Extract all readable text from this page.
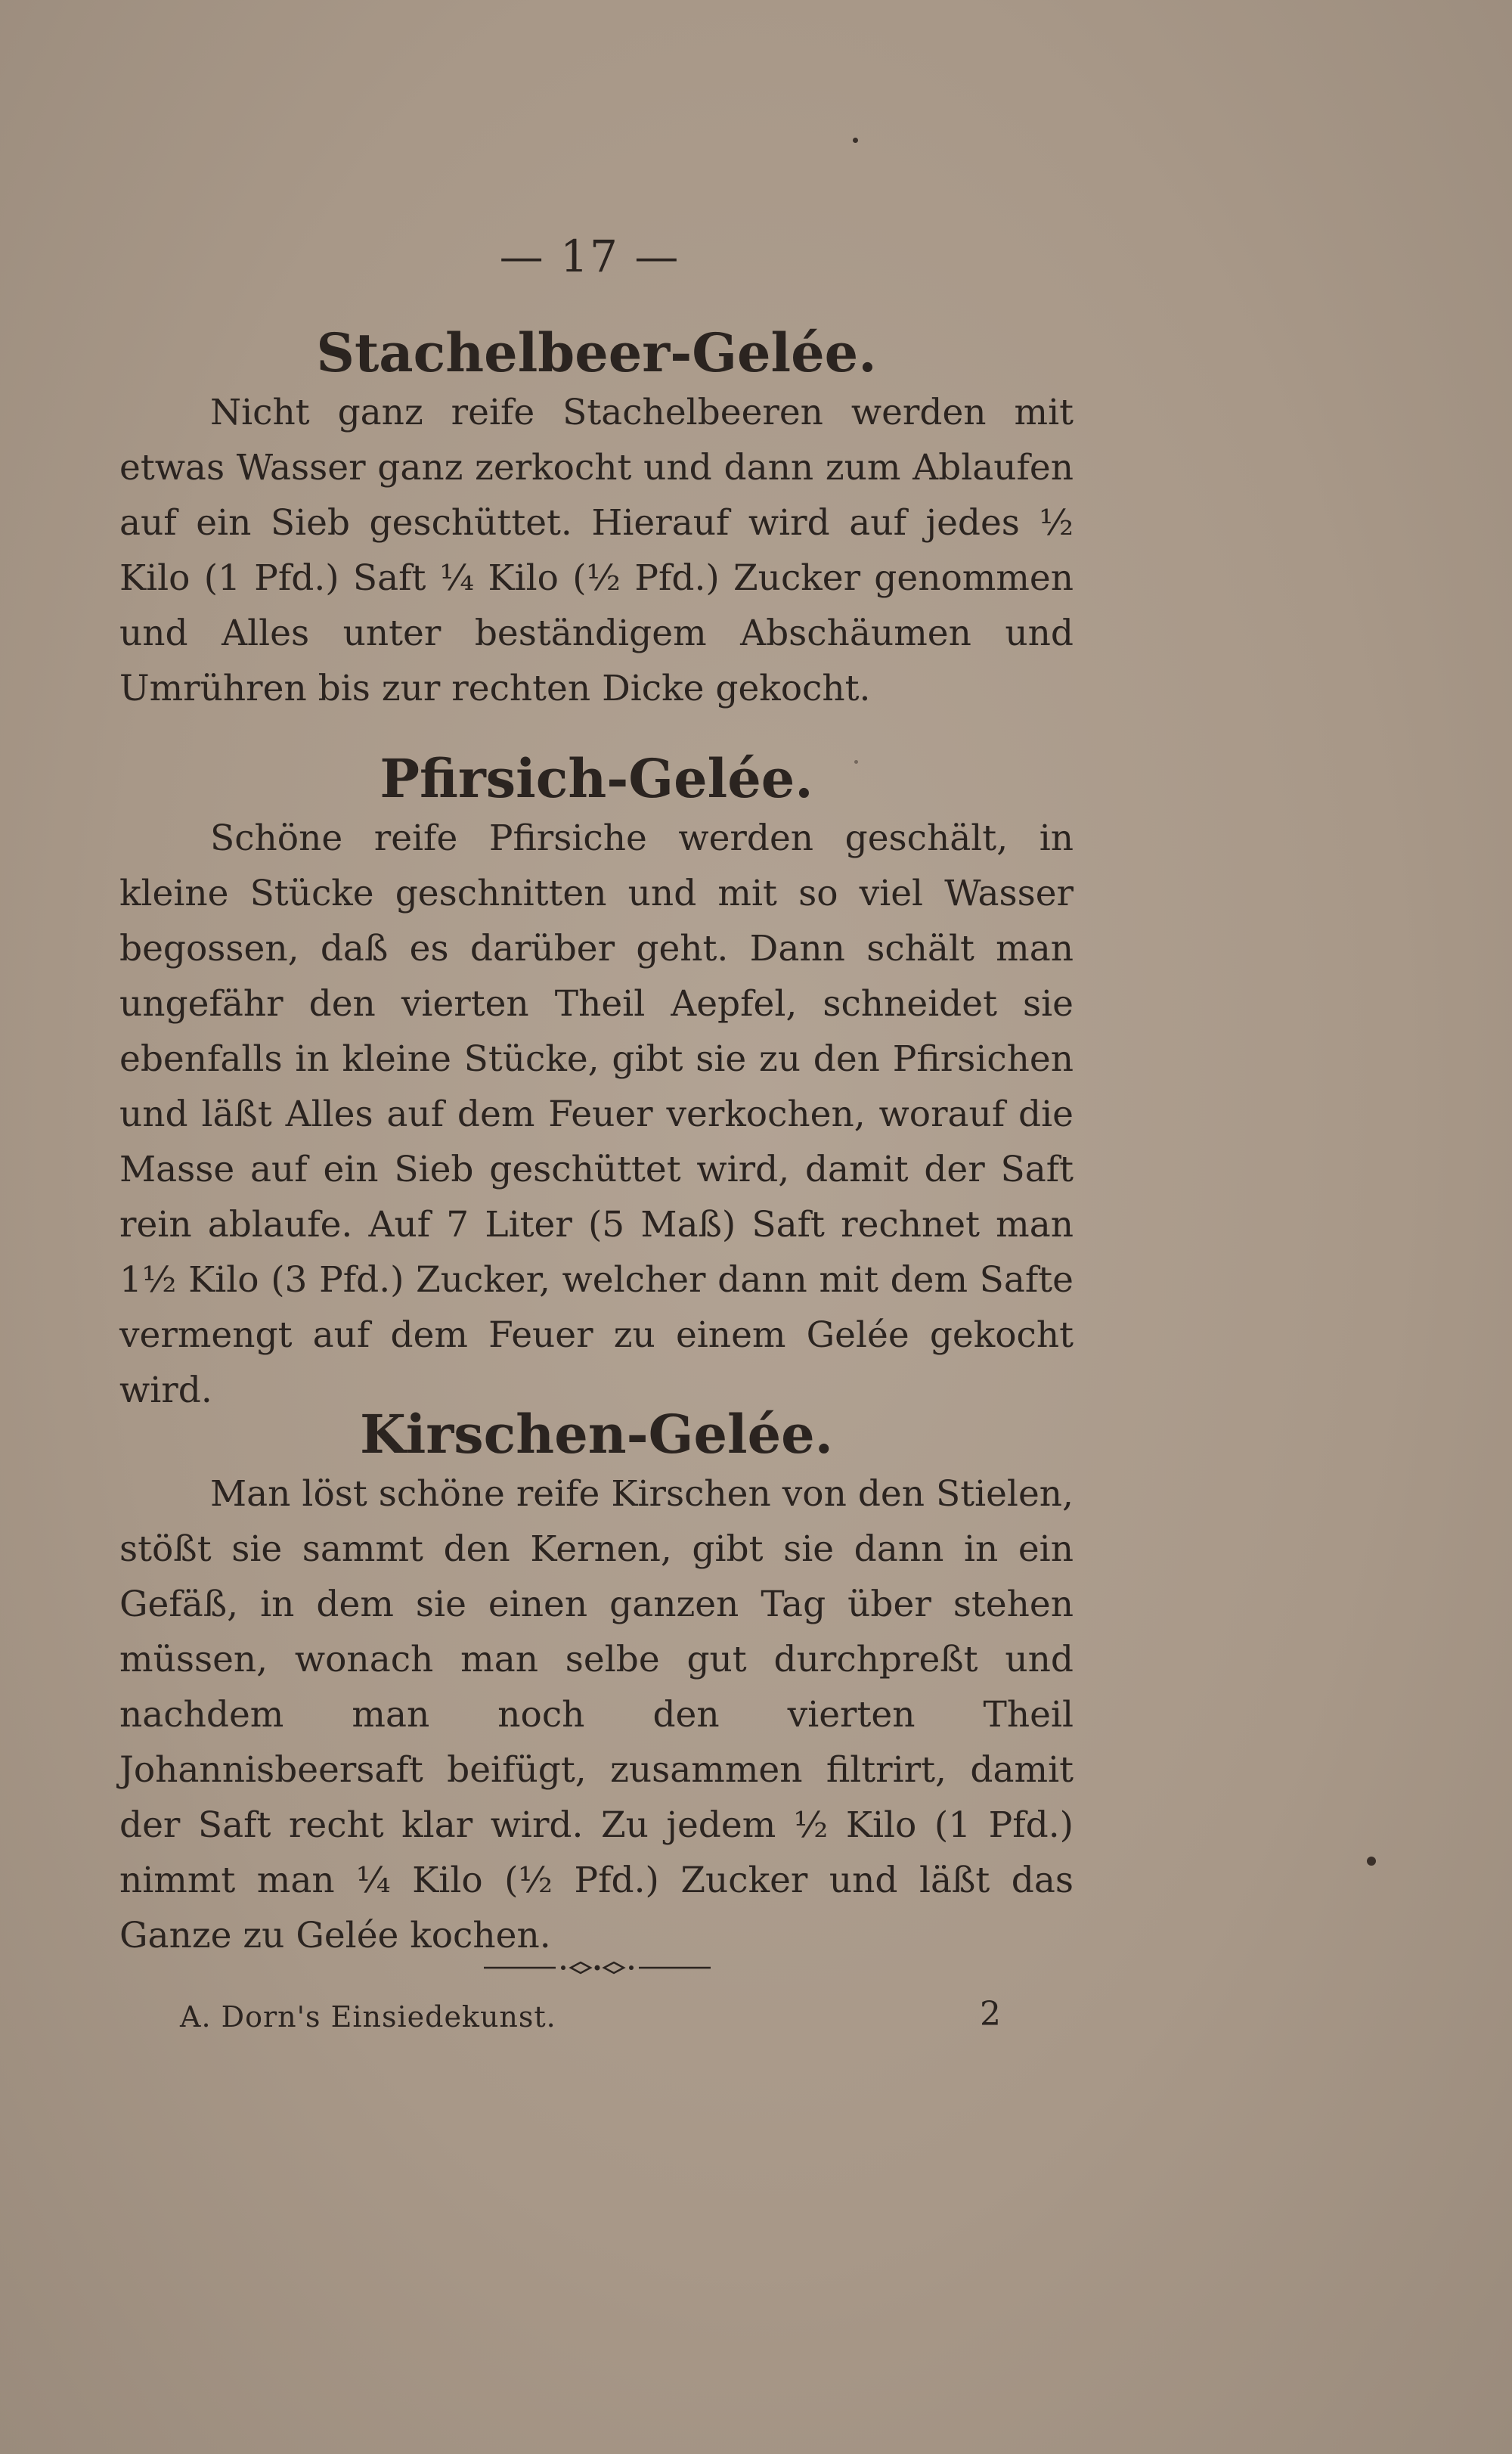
— 17 —
Stachelbeer-Gelée.

Nicht ganz reife Stachelbeeren werden mit etwas Wasser ganz zerkocht und dann zum Ablaufen auf ein Sieb geschüttet. Hierauf wird auf jedes ½ Kilo (1 Pfd.) Saft ¼ Kilo (½ Pfd.) Zucker genommen und Alles unter beständigem Abschäumen und Umrühren bis zur rechten Dicke gekocht.

Pfirsich-Gelée.

Schöne reife Pfirsiche werden geschält, in kleine Stücke geschnitten und mit so viel Wasser begossen, daß es darüber geht. Dann schält man ungefähr den vierten Theil Aepfel, schneidet sie ebenfalls in kleine Stücke, gibt sie zu den Pfirsichen und läßt Alles auf dem Feuer verkochen, worauf die Masse auf ein Sieb geschüttet wird, damit der Saft rein ablaufe. Auf 7 Liter (5 Maß) Saft rechnet man 1½ Kilo (3 Pfd.) Zucker, welcher dann mit dem Safte vermengt auf dem Feuer zu einem Gelée gekocht wird.

Kirschen-Gelée.

Man löst schöne reife Kirschen von den Stielen, stößt sie sammt den Kernen, gibt sie dann in ein Gefäß, in dem sie einen ganzen Tag über stehen müssen, wonach man selbe gut durchpreßt und nachdem man noch den vierten Theil Johannisbeersaft beifügt, zusammen filtrirt, damit der Saft recht klar wird. Zu jedem ½ Kilo (1 Pfd.) nimmt man ¼ Kilo (½ Pfd.) Zucker und läßt das Ganze zu Gelée kochen.

A. Dorn's Einsiedekunst.	2
